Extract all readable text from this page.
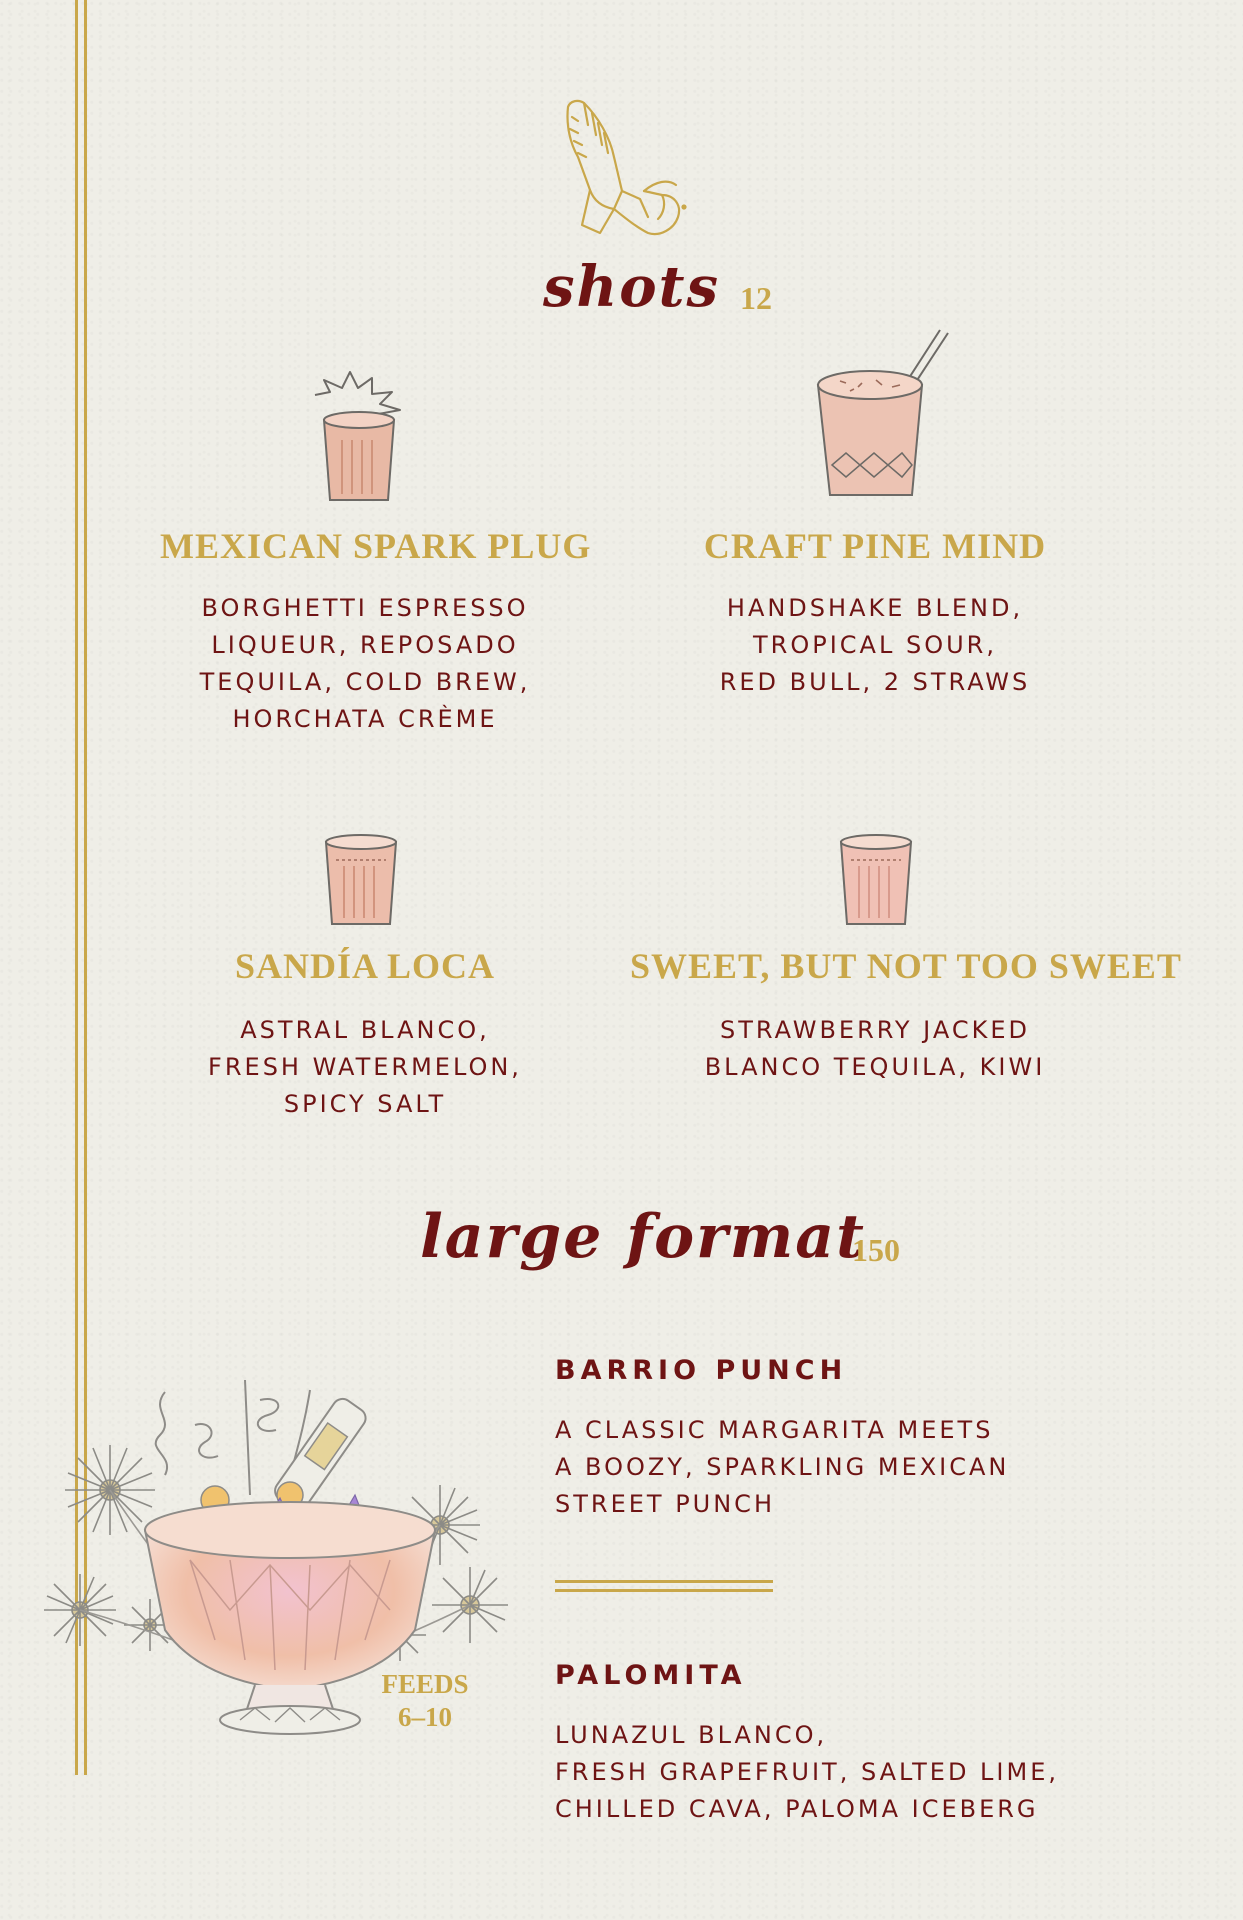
shots 12
MEXICAN SPARK PLUG
BORGHETTI ESPRESSO
LIQUEUR, REPOSADO
TEQUILA, COLD BREW,
HORCHATA CRÈME
CRAFT PINE MIND
HANDSHAKE BLEND,
TROPICAL SOUR,
RED BULL, 2 STRAWS
SANDÍA LOCA
ASTRAL BLANCO,
FRESH WATERMELON,
SPICY SALT
SWEET, BUT NOT TOO SWEET
STRAWBERRY JACKED
BLANCO TEQUILA, KIWI
large format
150
FEEDS
6–10
BARRIO PUNCH
A CLASSIC MARGARITA MEETS
A BOOZY, SPARKLING MEXICAN
STREET PUNCH
PALOMITA
LUNAZUL BLANCO,
FRESH GRAPEFRUIT, SALTED LIME,
CHILLED CAVA, PALOMA ICEBERG
